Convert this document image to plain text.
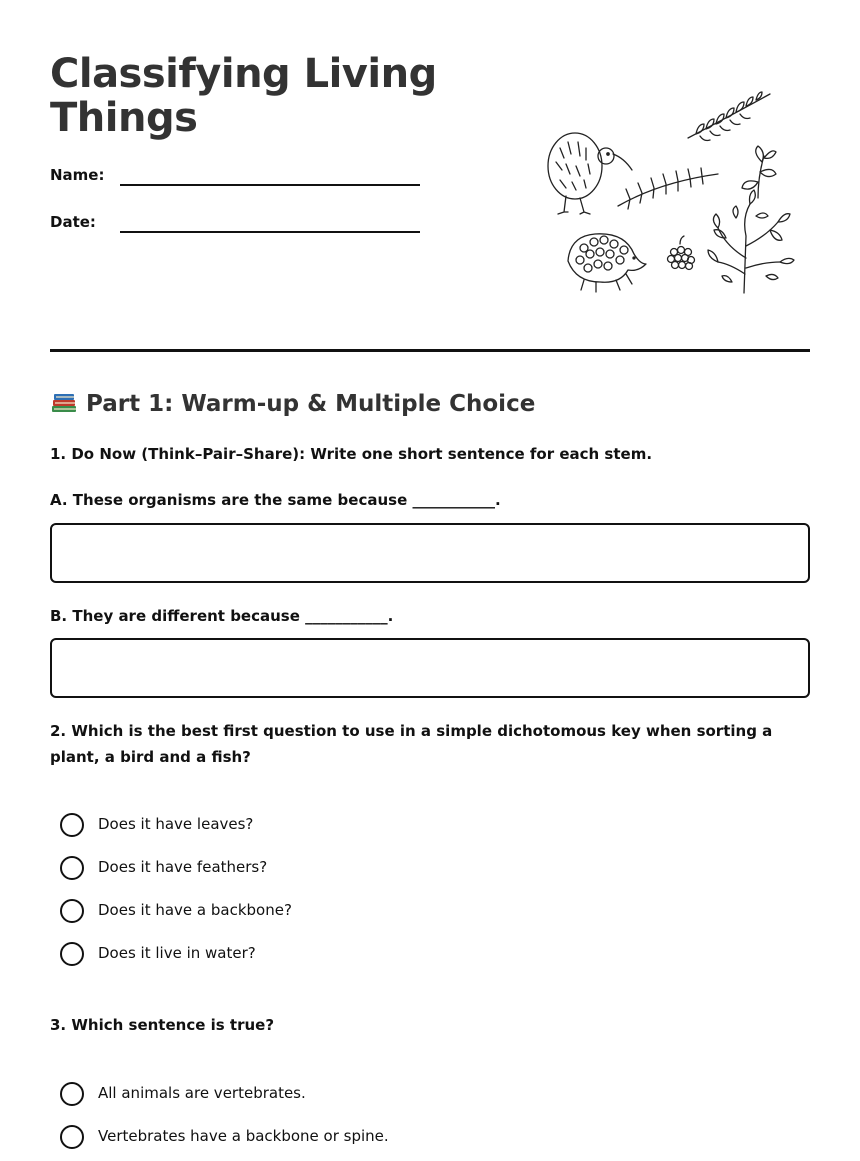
Classifying Living Things
Name:
Date:
Part 1: Warm-up & Multiple Choice

1. Do Now (Think–Pair–Share): Write one short sentence for each stem.

A. These organisms are the same because ___________.

B. They are different because ___________.

2. Which is the best first question to use in a simple dichotomous key when sorting a plant, a bird and a fish?

Does it have leaves?
Does it have feathers?
Does it have a backbone?
Does it live in water?

3. Which sentence is true?

All animals are vertebrates.
Vertebrates have a backbone or spine.
